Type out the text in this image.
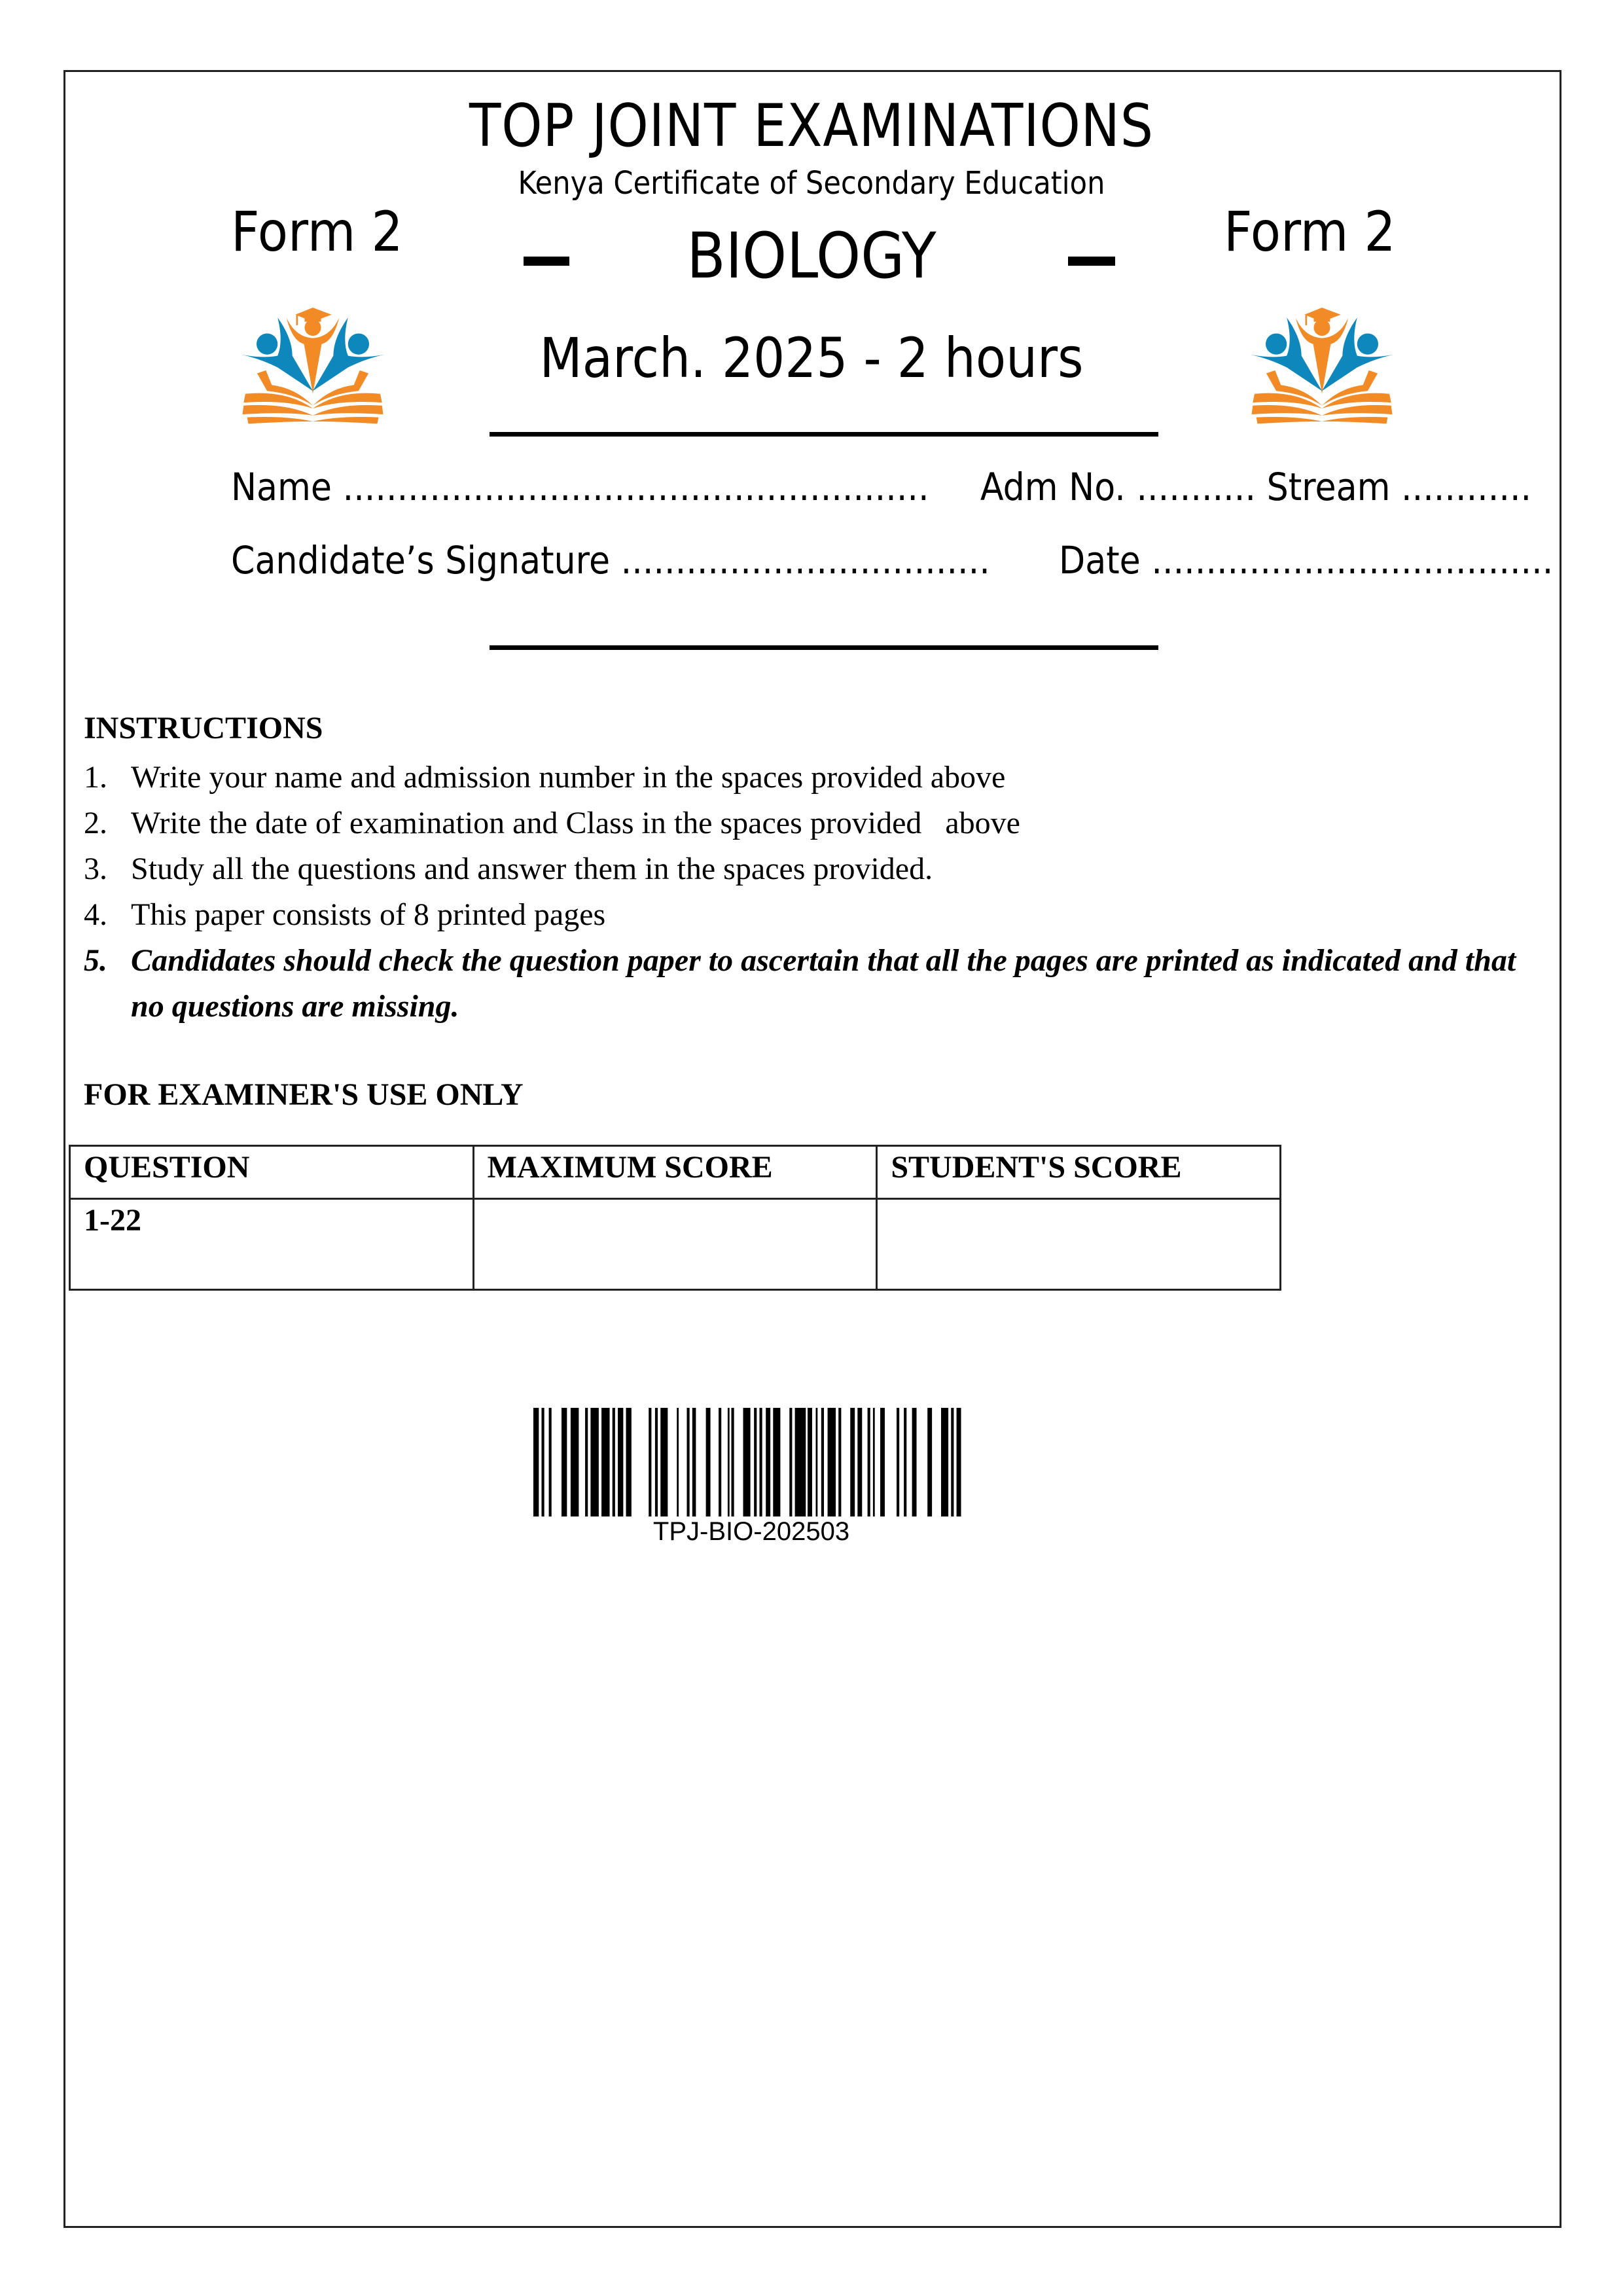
TOP JOINT EXAMINATIONS
Kenya Certificate of Secondary Education
Form 2	Form 2
BIOLOGY
March. 2025 - 2 hours
Name ...................................................... Adm No. ........... Stream ............
Candidate’s Signature .................................. Date .....................................
INSTRUCTIONS
1. Write your name and admission number in the spaces provided above
2. Write the date of examination and Class in the spaces provided   above
3. Study all the questions and answer them in the spaces provided.
4. This paper consists of 8 printed pages
5. Candidates should check the question paper to ascertain that all the pages are printed as indicated and that no questions are missing.
FOR EXAMINER'S USE ONLY
QUESTION	MAXIMUM SCORE	STUDENT'S SCORE
1-22		
TPJ-BIO-202503
